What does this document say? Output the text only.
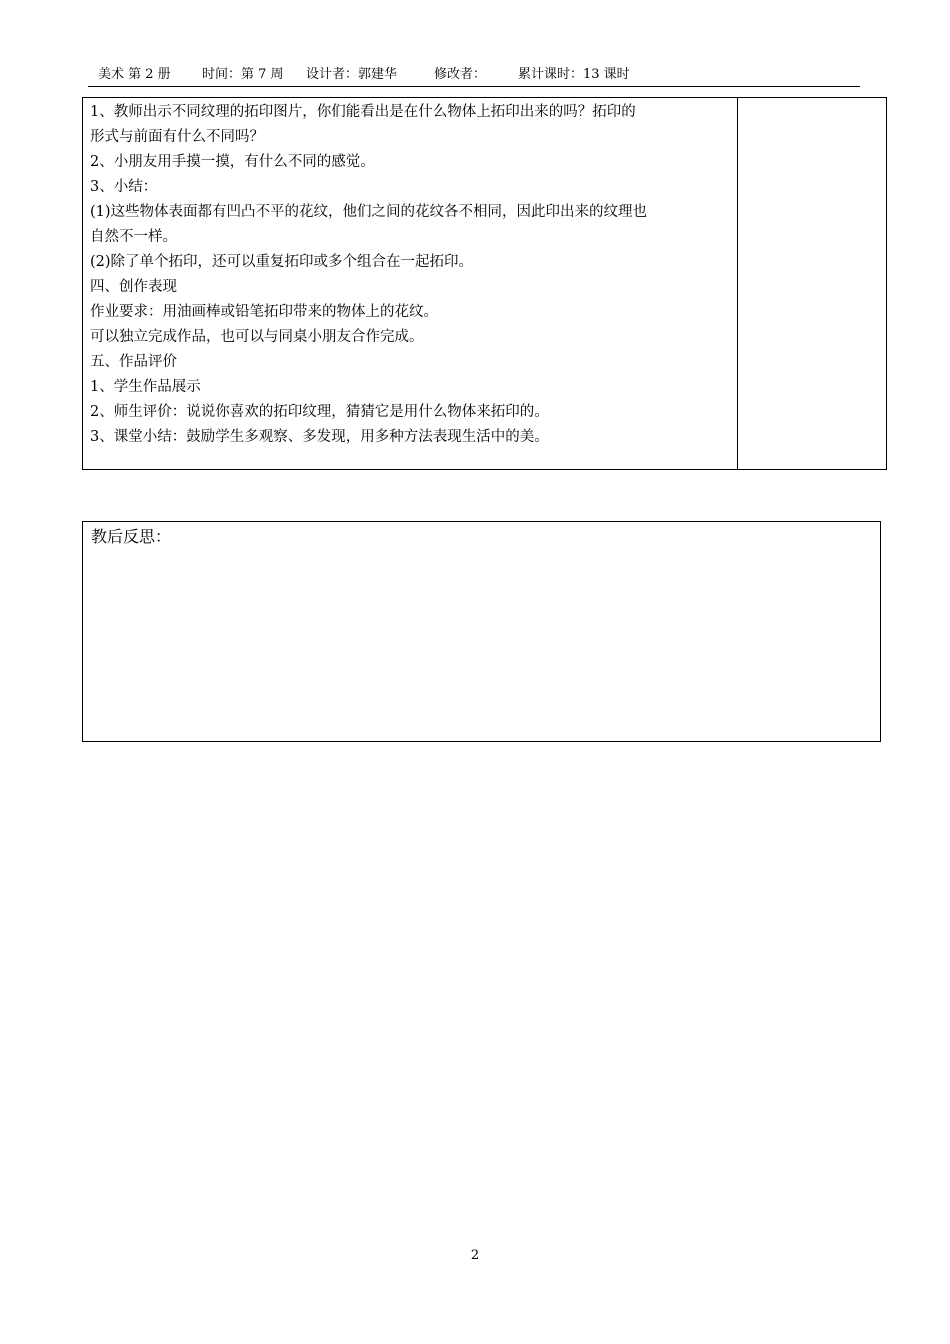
美术 第 2 册 时间：第 7 周 设计者：郭建华	修改者： 累计课时：13 课时
1、教师出示不同纹理的拓印图片，你们能看出是在什么物体上拓印出来的吗？拓印的
形式与前面有什么不同吗？
2、小朋友用手摸一摸，有什么不同的感觉。
3、小结：
(1)这些物体表面都有凹凸不平的花纹，他们之间的花纹各不相同，因此印出来的纹理也
自然不一样。
(2)除了单个拓印，还可以重复拓印或多个组合在一起拓印。
四、创作表现
作业要求：用油画棒或铅笔拓印带来的物体上的花纹。
可以独立完成作品，也可以与同桌小朋友合作完成。
五、作品评价
1、学生作品展示
2、师生评价：说说你喜欢的拓印纹理，猜猜它是用什么物体来拓印的。
3、课堂小结：鼓励学生多观察、多发现，用多种方法表现生活中的美。
教后反思：
2
